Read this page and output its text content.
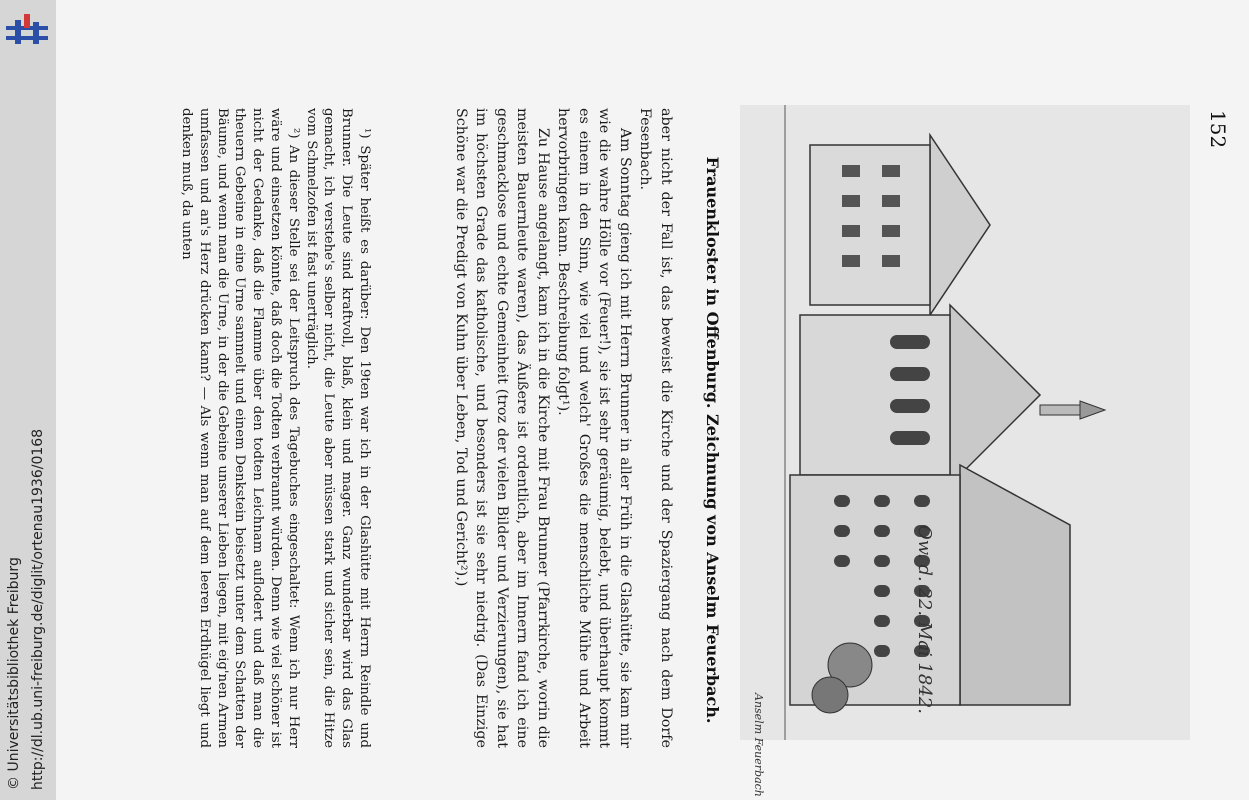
http://dl.ub.uni-freiburg.de/diglit/ortenau1936/0168
© Universitätsbibliothek Freiburg
152
Ow. d. 22. Mai 1842.
Anselm Feuerbach
Frauenkloster in Offenburg. Zeichnung von Anselm Feuerbach.

aber nicht der Fall ist, das beweist die Kirche und der Spaziergang nach dem Dorfe Fesenbach.

Am Sonntag gieng ich mit Herrn Brunner in aller Früh in die Glashütte, sie kam mir wie die wahre Hölle vor (Feuer!), sie ist sehr geräumig, belebt, und überhaupt kommt es einem in den Sinn, wie viel und welch' Großes die menschliche Mühe und Arbeit hervorbringen kann. Beschreibung folgt¹).

Zu Hause angelangt, kam ich in die Kirche mit Frau Brunner (Pfarrkirche, worin die meisten Bauernleute waren), das Äußere ist ordentlich, aber im Innern fand ich eine geschmacklose und echte Gemeinheit (troz der vielen Bilder und Verzierungen), sie hat im höchsten Grade das katholische, und besonders ist sie sehr niedrig. (Das Einzige Schöne war die Predigt von Kuhn über Leben, Tod und Gericht²).)

¹) Später heißt es darüber: Den 19ten war ich in der Glashütte mit Herrn Reindle und Brunner. Die Leute sind kraftvoll, blaß, klein und mager. Ganz wunderbar wird das Glas gemacht, ich verstehe's selber nicht, die Leute aber müssen stark und sicher sein, die Hitze vom Schmelzofen ist fast unerträglich.

²) An dieser Stelle sei der Leitspruch des Tagebuches eingeschaltet: Wenn ich nur Herr wäre und einsetzen könnte, daß doch die Todten verbrannt würden. Denn wie viel schöner ist nicht der Gedanke, daß die Flamme über den todten Leichnam auflodert und daß man die theuern Gebeine in eine Urne sammelt und einem Denkstein beisetzt unter dem Schatten der Bäume, und wenn man die Urne, in der die Gebeine unserer Lieben liegen, mit eig'nen Armen umfassen und an's Herz drücken kann? — Als wenn man auf dem leeren Erdhügel liegt und denken muß, da unten
